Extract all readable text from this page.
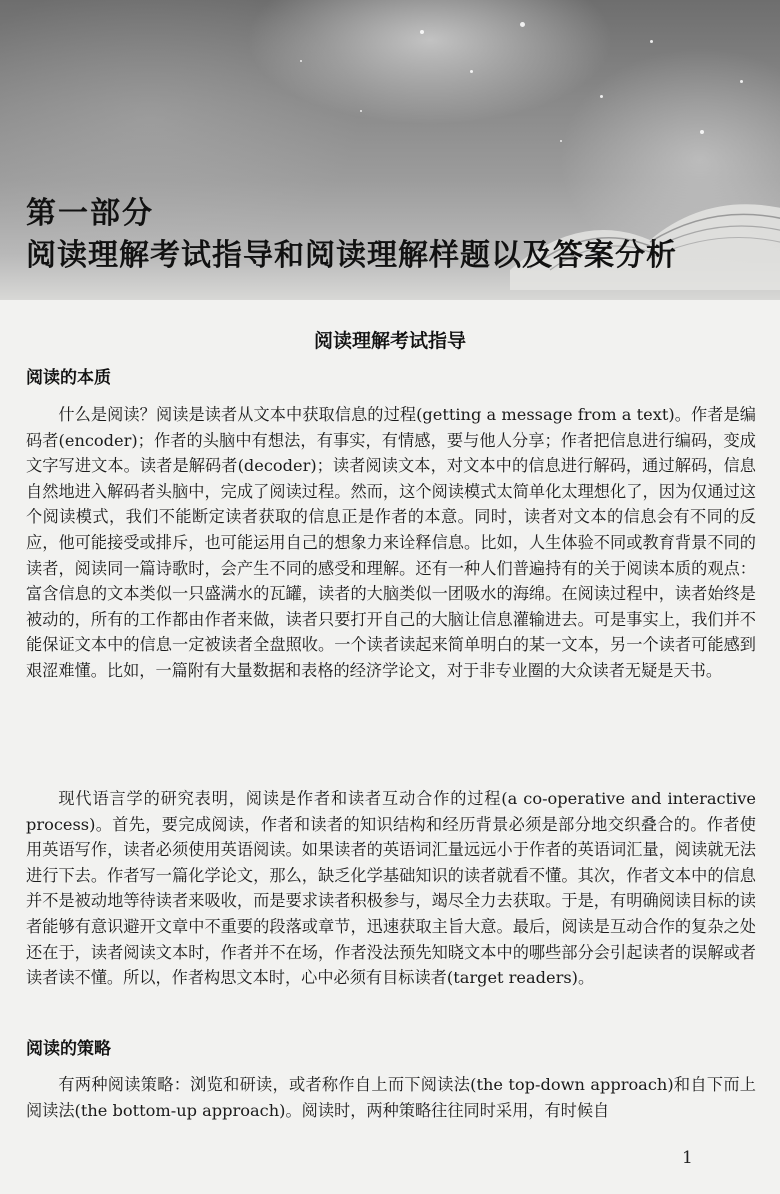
第一部分
阅读理解考试指导和阅读理解样题以及答案分析
阅读理解考试指导
阅读的本质

什么是阅读？阅读是读者从文本中获取信息的过程(getting a message from a text)。作者是编码者(encoder)；作者的头脑中有想法，有事实，有情感，要与他人分享；作者把信息进行编码，变成文字写进文本。读者是解码者(decoder)；读者阅读文本，对文本中的信息进行解码，通过解码，信息自然地进入解码者头脑中，完成了阅读过程。然而，这个阅读模式太简单化太理想化了，因为仅通过这个阅读模式，我们不能断定读者获取的信息正是作者的本意。同时，读者对文本的信息会有不同的反应，他可能接受或排斥，也可能运用自己的想象力来诠释信息。比如，人生体验不同或教育背景不同的读者，阅读同一篇诗歌时，会产生不同的感受和理解。还有一种人们普遍持有的关于阅读本质的观点：富含信息的文本类似一只盛满水的瓦罐，读者的大脑类似一团吸水的海绵。在阅读过程中，读者始终是被动的，所有的工作都由作者来做，读者只要打开自己的大脑让信息灌输进去。可是事实上，我们并不能保证文本中的信息一定被读者全盘照收。一个读者读起来简单明白的某一文本，另一个读者可能感到艰涩难懂。比如，一篇附有大量数据和表格的经济学论文，对于非专业圈的大众读者无疑是天书。

现代语言学的研究表明，阅读是作者和读者互动合作的过程(a co-operative and interactive process)。首先，要完成阅读，作者和读者的知识结构和经历背景必须是部分地交织叠合的。作者使用英语写作，读者必须使用英语阅读。如果读者的英语词汇量远远小于作者的英语词汇量，阅读就无法进行下去。作者写一篇化学论文，那么，缺乏化学基础知识的读者就看不懂。其次，作者文本中的信息并不是被动地等待读者来吸收，而是要求读者积极参与，竭尽全力去获取。于是，有明确阅读目标的读者能够有意识避开文章中不重要的段落或章节，迅速获取主旨大意。最后，阅读是互动合作的复杂之处还在于，读者阅读文本时，作者并不在场，作者没法预先知晓文本中的哪些部分会引起读者的误解或者读者读不懂。所以，作者构思文本时，心中必须有目标读者(target readers)。

阅读的策略

有两种阅读策略：浏览和研读，或者称作自上而下阅读法(the top-down approach)和自下而上阅读法(the bottom-up approach)。阅读时，两种策略往往同时采用，有时候自

1
